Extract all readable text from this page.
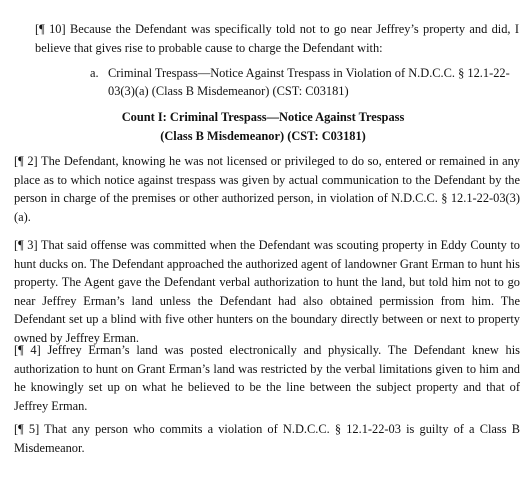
[¶ 10] Because the Defendant was specifically told not to go near Jeffrey’s property and did, I believe that gives rise to probable cause to charge the Defendant with:

a. Criminal Trespass—Notice Against Trespass in Violation of N.D.C.C. § 12.1-22-03(3)(a) (Class B Misdemeanor) (CST: C03181)
Count I: Criminal Trespass—Notice Against Trespass
(Class B Misdemeanor) (CST: C03181)

[¶ 2] The Defendant, knowing he was not licensed or privileged to do so, entered or remained in any place as to which notice against trespass was given by actual communication to the Defendant by the person in charge of the premises or other authorized person, in violation of N.D.C.C. § 12.1-22-03(3)(a).

[¶ 3] That said offense was committed when the Defendant was scouting property in Eddy County to hunt ducks on. The Defendant approached the authorized agent of landowner Grant Erman to hunt his property. The Agent gave the Defendant verbal authorization to hunt the land, but told him not to go near Jeffrey Erman’s land unless the Defendant had also obtained permission from him. The Defendant set up a blind with five other hunters on the boundary directly between or next to property owned by Jeffrey Erman.

[¶ 4] Jeffrey Erman’s land was posted electronically and physically. The Defendant knew his authorization to hunt on Grant Erman’s land was restricted by the verbal limitations given to him and he knowingly set up on what he believed to be the line between the subject property and that of Jeffrey Erman.

[¶ 5] That any person who commits a violation of N.D.C.C. § 12.1-22-03 is guilty of a Class B Misdemeanor.
